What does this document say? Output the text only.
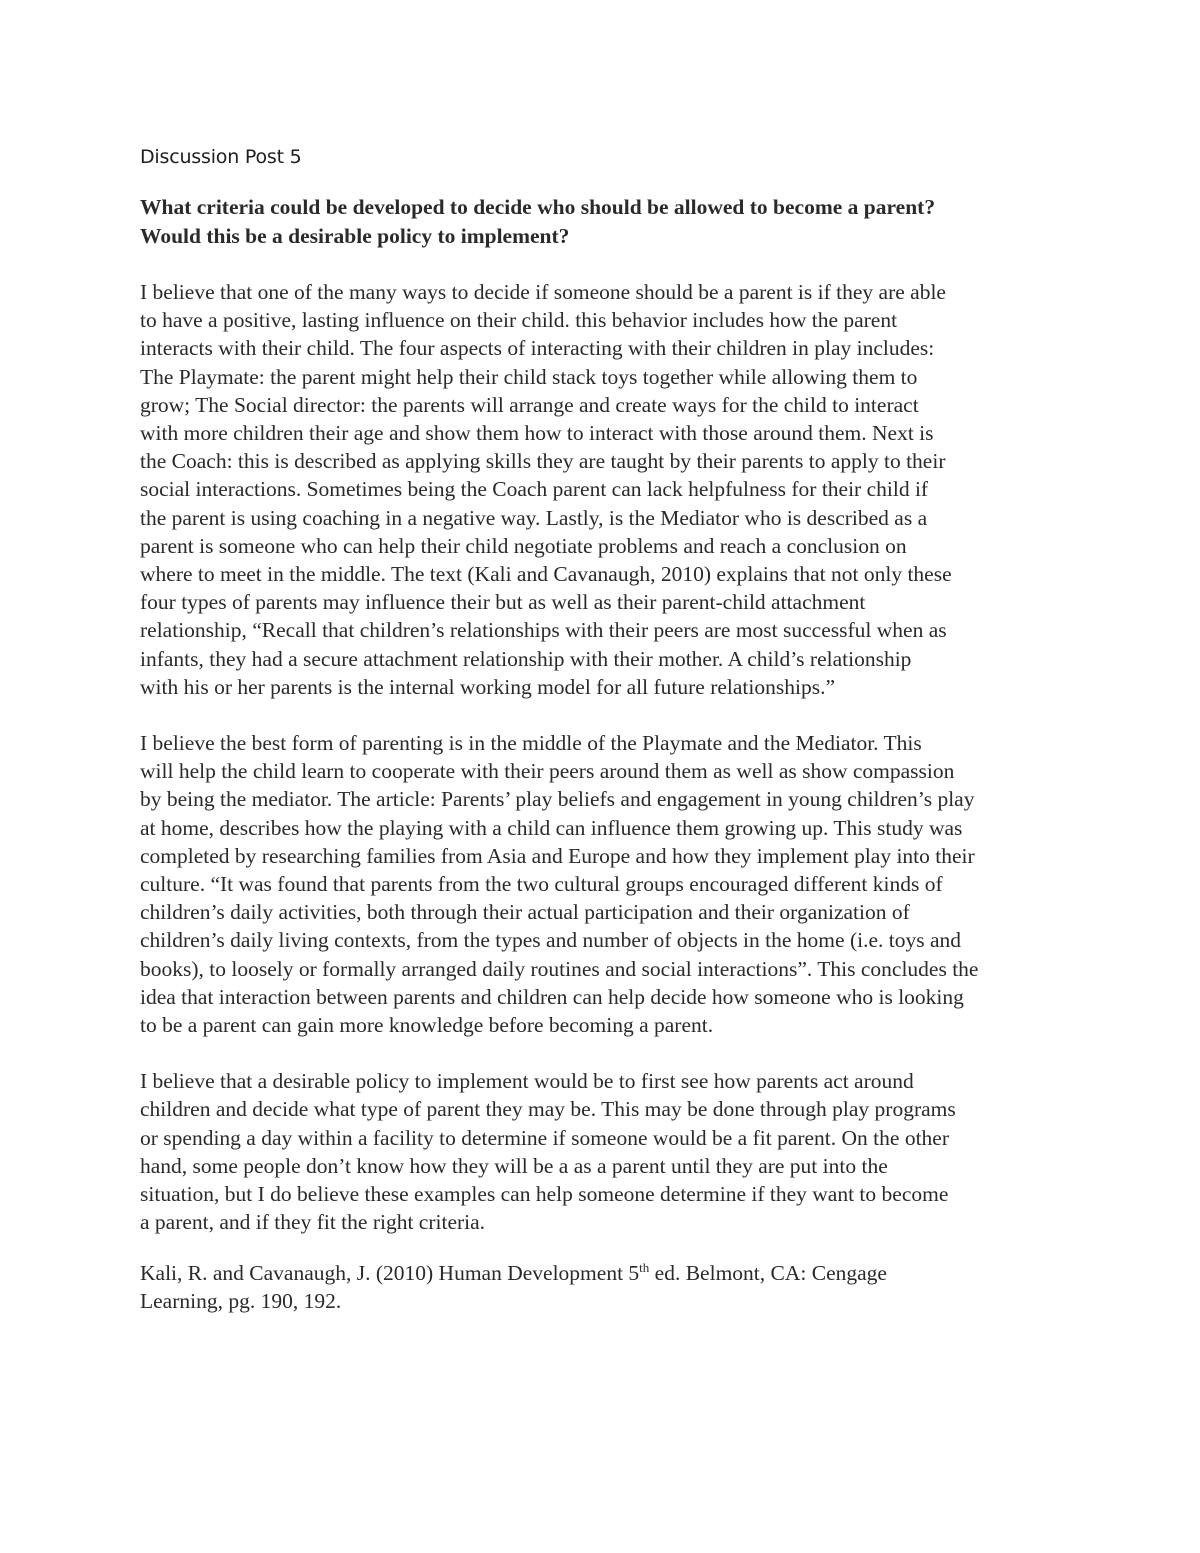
Discussion Post 5
What criteria could be developed to decide who should be allowed to become a parent?
Would this be a desirable policy to implement?
I believe that one of the many ways to decide if someone should be a parent is if they are able
to have a positive, lasting influence on their child. this behavior includes how the parent
interacts with their child. The four aspects of interacting with their children in play includes:
The Playmate: the parent might help their child stack toys together while allowing them to
grow; The Social director: the parents will arrange and create ways for the child to interact
with more children their age and show them how to interact with those around them. Next is
the Coach: this is described as applying skills they are taught by their parents to apply to their
social interactions. Sometimes being the Coach parent can lack helpfulness for their child if
the parent is using coaching in a negative way. Lastly, is the Mediator who is described as a
parent is someone who can help their child negotiate problems and reach a conclusion on
where to meet in the middle. The text (Kali and Cavanaugh, 2010) explains that not only these
four types of parents may influence their but as well as their parent-child attachment
relationship, “Recall that children’s relationships with their peers are most successful when as
infants, they had a secure attachment relationship with their mother. A child’s relationship
with his or her parents is the internal working model for all future relationships.”
I believe the best form of parenting is in the middle of the Playmate and the Mediator. This
will help the child learn to cooperate with their peers around them as well as show compassion
by being the mediator. The article: Parents’ play beliefs and engagement in young children’s play
at home, describes how the playing with a child can influence them growing up. This study was
completed by researching families from Asia and Europe and how they implement play into their
culture. “It was found that parents from the two cultural groups encouraged different kinds of
children’s daily activities, both through their actual participation and their organization of
children’s daily living contexts, from the types and number of objects in the home (i.e. toys and
books), to loosely or formally arranged daily routines and social interactions”. This concludes the
idea that interaction between parents and children can help decide how someone who is looking
to be a parent can gain more knowledge before becoming a parent.
I believe that a desirable policy to implement would be to first see how parents act around
children and decide what type of parent they may be. This may be done through play programs
or spending a day within a facility to determine if someone would be a fit parent. On the other
hand, some people don’t know how they will be a as a parent until they are put into the
situation, but I do believe these examples can help someone determine if they want to become
a parent, and if they fit the right criteria.
Kali, R. and Cavanaugh, J. (2010) Human Development 5th ed. Belmont, CA: Cengage
Learning, pg. 190, 192.
